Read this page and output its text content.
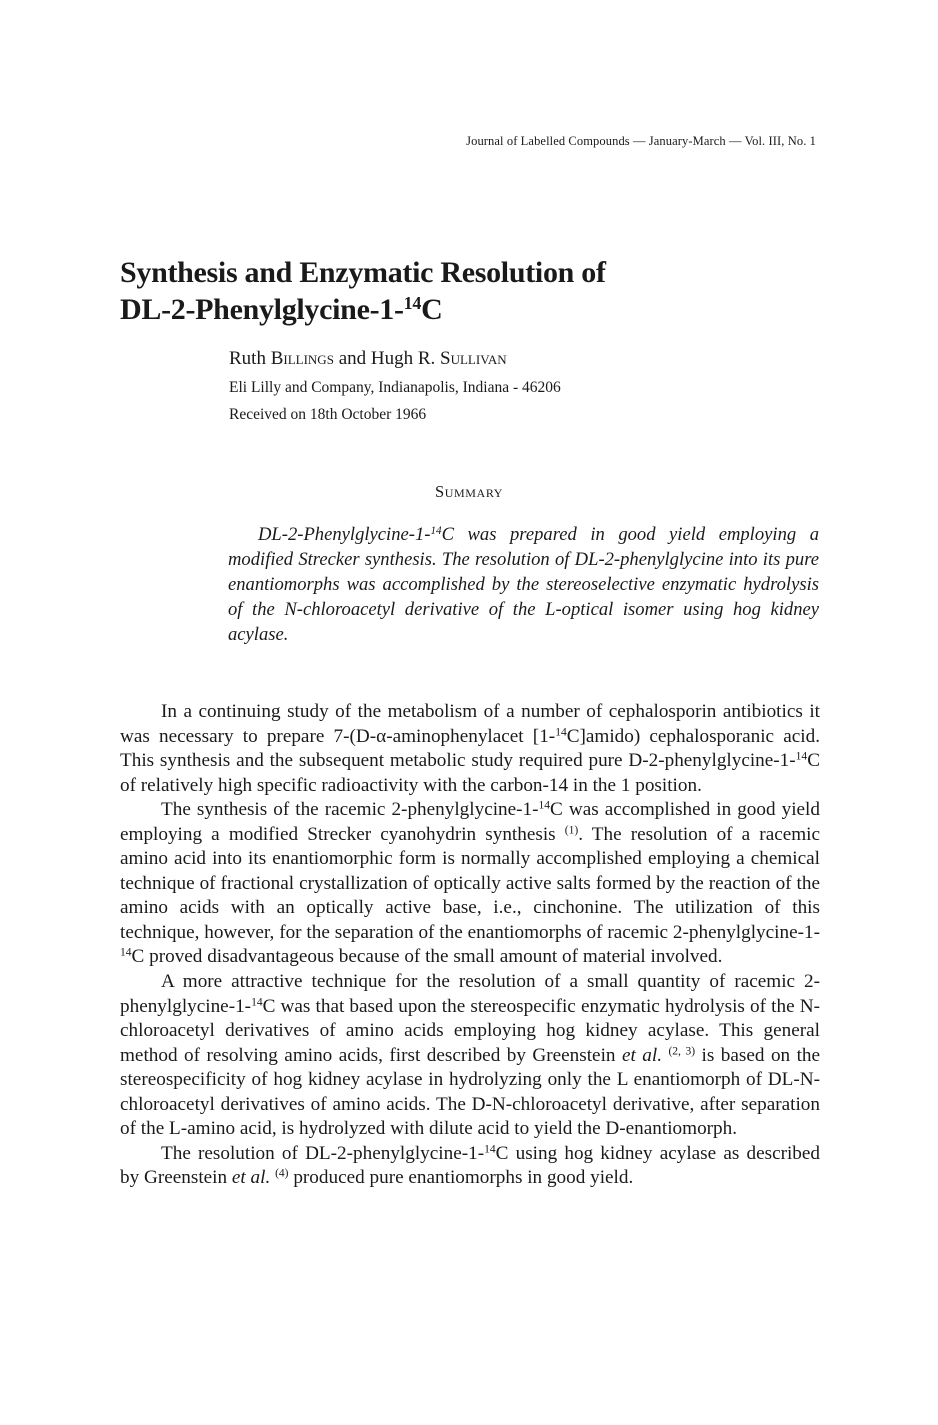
Journal of Labelled Compounds — January-March — Vol. III, No. 1
Synthesis and Enzymatic Resolution of
DL-2-Phenylglycine-1-$^{14}$C
Ruth Billings and Hugh R. Sullivan
Eli Lilly and Company, Indianapolis, Indiana - 46206
Received on 18th October 1966
Summary

DL-2-Phenylglycine-1-$^{14}$C was prepared in good yield employing a modified Strecker synthesis. The resolution of DL-2-phenylglycine into its pure enantiomorphs was accomplished by the stereoselective enzymatic hydrolysis of the N-chloroacetyl derivative of the L-optical isomer using hog kidney acylase.

In a continuing study of the metabolism of a number of cephalosporin antibiotics it was necessary to prepare 7-(D-α-aminophenylacet [1-$^{14}$C]amido) cephalosporanic acid. This synthesis and the subsequent metabolic study required pure D-2-phenylglycine-1-$^{14}$C of relatively high specific radioactivity with the carbon-14 in the 1 position.

The synthesis of the racemic 2-phenylglycine-1-$^{14}$C was accomplished in good yield employing a modified Strecker cyanohydrin synthesis $^{(1)}$. The resolution of a racemic amino acid into its enantiomorphic form is normally accomplished employing a chemical technique of fractional crystallization of optically active salts formed by the reaction of the amino acids with an optically active base, i.e., cinchonine. The utilization of this technique, however, for the separation of the enantiomorphs of racemic 2-phenylglycine-1-$^{14}$C proved disadvantageous because of the small amount of material involved.

A more attractive technique for the resolution of a small quantity of racemic 2-phenylglycine-1-$^{14}$C was that based upon the stereospecific enzymatic hydrolysis of the N-chloroacetyl derivatives of amino acids employing hog kidney acylase. This general method of resolving amino acids, first described by Greenstein et al. $^{(2, 3)}$ is based on the stereospecificity of hog kidney acylase in hydrolyzing only the L enantiomorph of DL-N-chloroacetyl derivatives of amino acids. The D-N-chloroacetyl derivative, after separation of the L-amino acid, is hydrolyzed with dilute acid to yield the D-enantiomorph.

The resolution of DL-2-phenylglycine-1-$^{14}$C using hog kidney acylase as described by Greenstein et al. $^{(4)}$ produced pure enantiomorphs in good yield.
